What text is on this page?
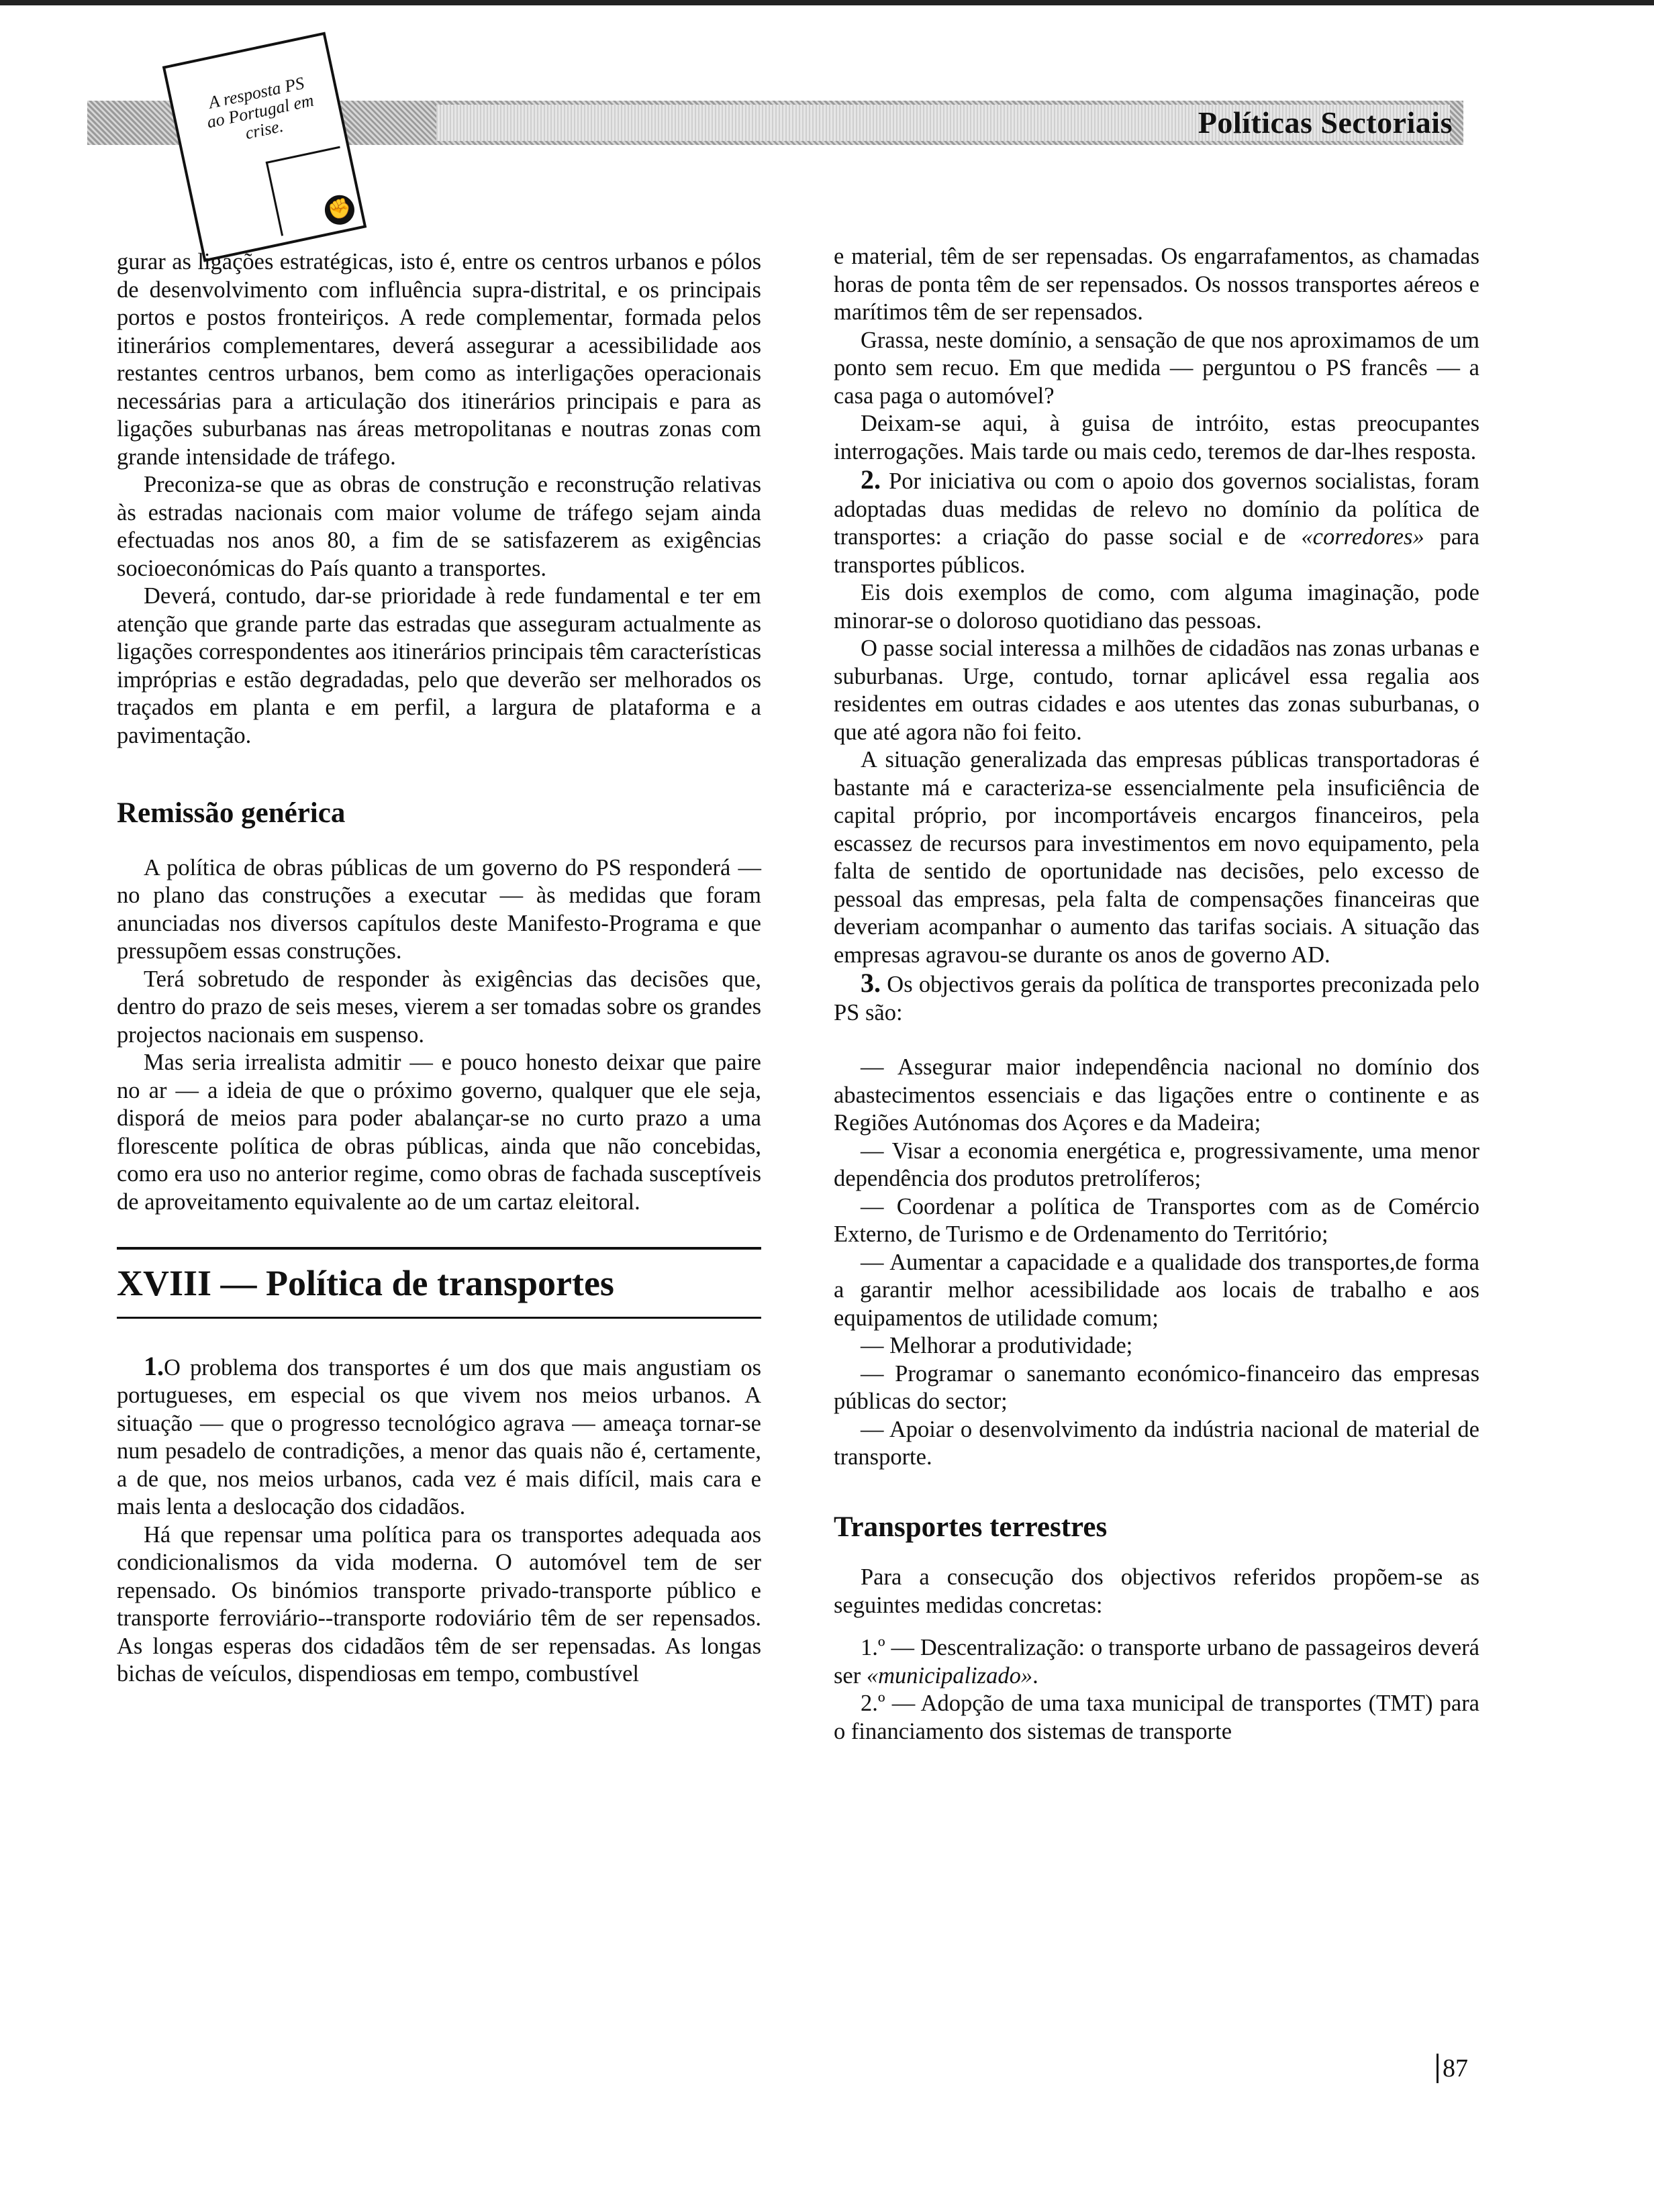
Políticas Sectoriais
A resposta PS ao Portugal em crise.
✊

gurar as ligações estratégicas, isto é, entre os centros urbanos e pólos de desenvolvimento com influência supra-distrital, e os principais portos e postos fronteiriços. A rede complementar, formada pelos itinerários complementares, deverá assegurar a acessibilidade aos restantes centros urbanos, bem como as interligações operacionais necessárias para a articulação dos itinerários principais e para as ligações suburbanas nas áreas metropolitanas e noutras zonas com grande intensidade de tráfego.

Preconiza-se que as obras de construção e reconstrução relativas às estradas nacionais com maior volume de tráfego sejam ainda efectuadas nos anos 80, a fim de se satisfazerem as exigências socioeconómicas do País quanto a transportes.

Deverá, contudo, dar-se prioridade à rede fundamental e ter em atenção que grande parte das estradas que asseguram actualmente as ligações correspondentes aos itinerários principais têm características impróprias e estão degradadas, pelo que deverão ser melhorados os traçados em planta e em perfil, a largura de plataforma e a pavimentação.

Remissão genérica

A política de obras públicas de um governo do PS responderá — no plano das construções a executar — às medidas que foram anunciadas nos diversos capítulos deste Manifesto-Programa e que pressupõem essas construções.

Terá sobretudo de responder às exigências das decisões que, dentro do prazo de seis meses, vierem a ser tomadas sobre os grandes projectos nacionais em suspenso.

Mas seria irrealista admitir — e pouco honesto deixar que paire no ar — a ideia de que o próximo governo, qualquer que ele seja, disporá de meios para poder abalançar-se no curto prazo a uma florescente política de obras públicas, ainda que não concebidas, como era uso no anterior regime, como obras de fachada susceptíveis de aproveitamento equivalente ao de um cartaz eleitoral.

XVIII — Política de transportes

1.O problema dos transportes é um dos que mais angustiam os portugueses, em especial os que vivem nos meios urbanos. A situação — que o progresso tecnológico agrava — ameaça tornar-se num pesadelo de contradições, a menor das quais não é, certamente, a de que, nos meios urbanos, cada vez é mais difícil, mais cara e mais lenta a deslocação dos cidadãos.

Há que repensar uma política para os transportes adequada aos condicionalismos da vida moderna. O automóvel tem de ser repensado. Os binómios transporte privado-transporte público e transporte ferroviário--transporte rodoviário têm de ser repensados. As longas esperas dos cidadãos têm de ser repensadas. As longas bichas de veículos, dispendiosas em tempo, combustível

e material, têm de ser repensadas. Os engarrafamentos, as chamadas horas de ponta têm de ser repensados. Os nossos transportes aéreos e marítimos têm de ser repensados.

Grassa, neste domínio, a sensação de que nos aproximamos de um ponto sem recuo. Em que medida — perguntou o PS francês — a casa paga o automóvel?

Deixam-se aqui, à guisa de intróito, estas preocupantes interrogações. Mais tarde ou mais cedo, teremos de dar-lhes resposta.

2. Por iniciativa ou com o apoio dos governos socialistas, foram adoptadas duas medidas de relevo no domínio da política de transportes: a criação do passe social e de «corredores» para transportes públicos.

Eis dois exemplos de como, com alguma imaginação, pode minorar-se o doloroso quotidiano das pessoas.

O passe social interessa a milhões de cidadãos nas zonas urbanas e suburbanas. Urge, contudo, tornar aplicável essa regalia aos residentes em outras cidades e aos utentes das zonas suburbanas, o que até agora não foi feito.

A situação generalizada das empresas públicas transportadoras é bastante má e caracteriza-se essencialmente pela insuficiência de capital próprio, por incomportáveis encargos financeiros, pela escassez de recursos para investimentos em novo equipamento, pela falta de sentido de oportunidade nas decisões, pelo excesso de pessoal das empresas, pela falta de compensações financeiras que deveriam acompanhar o aumento das tarifas sociais. A situação das empresas agravou-se durante os anos de governo AD.

3. Os objectivos gerais da política de transportes preconizada pelo PS são:

— Assegurar maior independência nacional no domínio dos abastecimentos essenciais e das ligações entre o continente e as Regiões Autónomas dos Açores e da Madeira;

— Visar a economia energética e, progressivamente, uma menor dependência dos produtos pretrolíferos;

— Coordenar a política de Transportes com as de Comércio Externo, de Turismo e de Ordenamento do Território;

— Aumentar a capacidade e a qualidade dos transportes,de forma a garantir melhor acessibilidade aos locais de trabalho e aos equipamentos de utilidade comum;

— Melhorar a produtividade;

— Programar o sanemanto económico-financeiro das empresas públicas do sector;

— Apoiar o desenvolvimento da indústria nacional de material de transporte.

Transportes terrestres

Para a consecução dos objectivos referidos propõem-se as seguintes medidas concretas:

1.º — Descentralização: o transporte urbano de passageiros deverá ser «municipalizado».

2.º — Adopção de uma taxa municipal de transportes (TMT) para o financiamento dos sistemas de transporte

87
